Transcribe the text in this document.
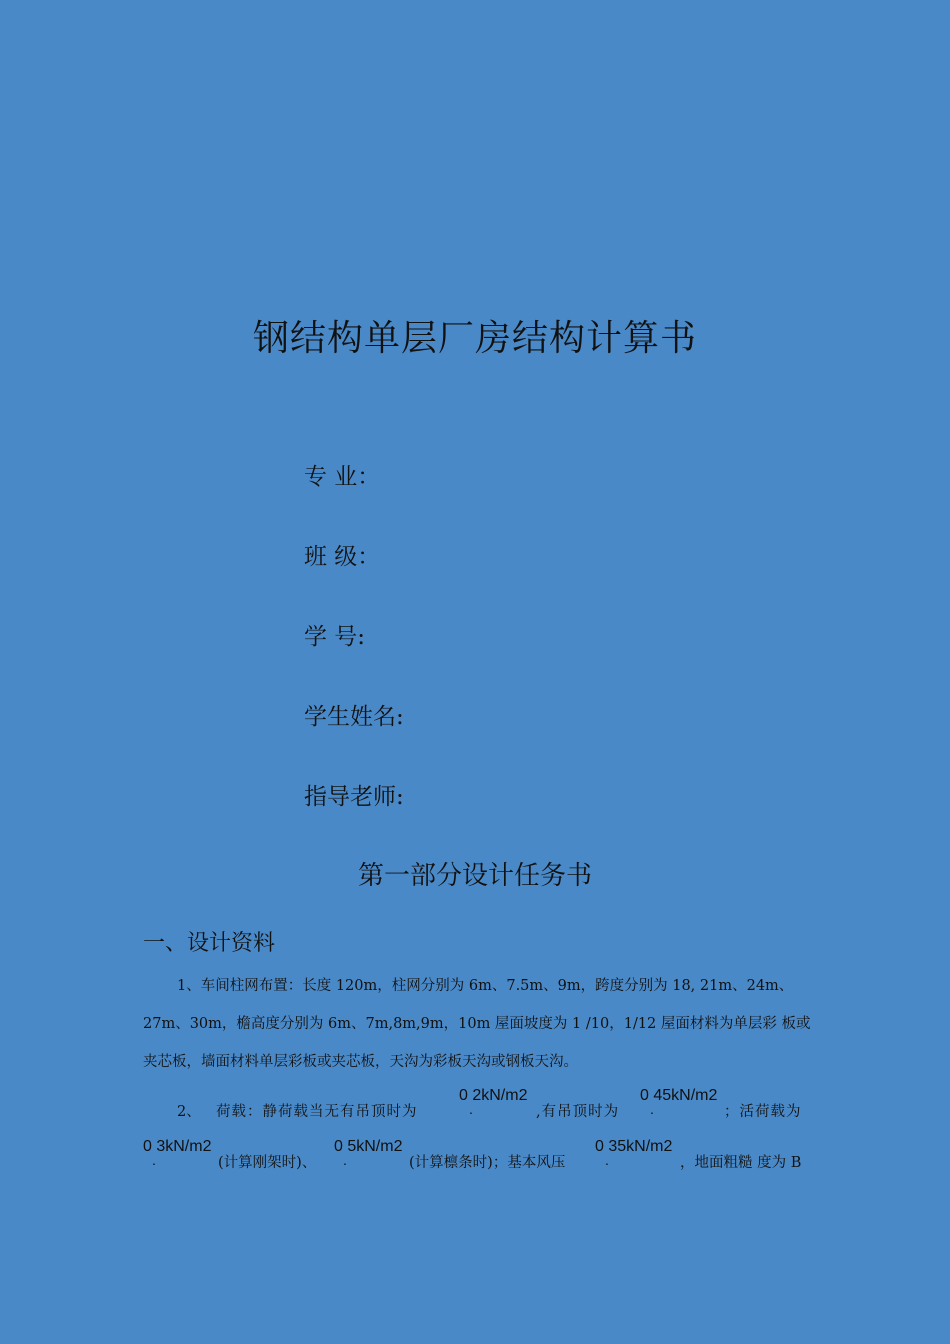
钢结构单层厂房结构计算书
专 业：
班 级：
学 号:
学生姓名:
指导老师:
第一部分设计任务书
一、设计资料
1、车间柱网布置：长度 120m，柱网分别为 6m、7.5m、9m，跨度分别为 18, 21m、24m、
27m、30m，檐高度分别为 6m、7m,8m,9m，10m 屋面坡度为 1 /10，1/12 屋面材料为单层彩 板或
夹芯板，墙面材料单层彩板或夹芯板，天沟为彩板天沟或钢板天沟。
2、 荷载：静荷载当无有吊顶时为
0 2kN/m2
.	,有吊顶时为
0 45kN/m2
.	；活荷载为
0 3kN/m2
.	(计算刚架时)、
0 5kN/m2
.	(计算檩条时)；基本风压
0 35kN/m2
.	，地面粗糙 度为 B
